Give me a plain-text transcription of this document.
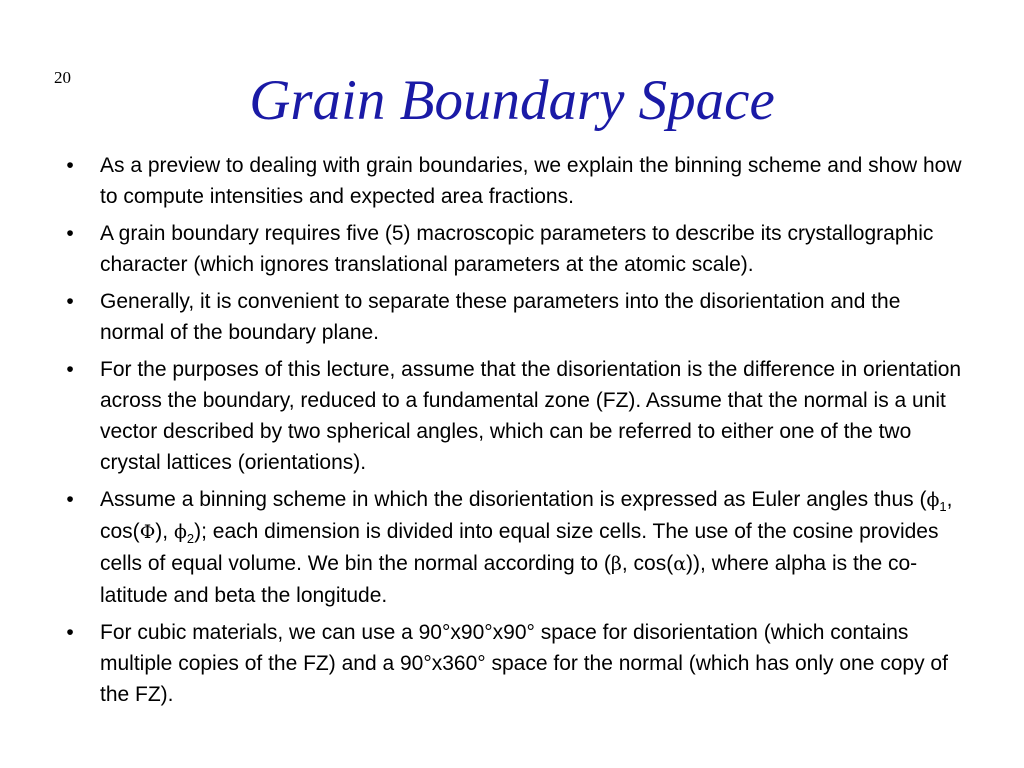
20	Grain Boundary Space
•	As a preview to dealing with grain boundaries, we explain the binning scheme and show how to compute intensities and expected area fractions.
•	A grain boundary requires five (5) macroscopic parameters to describe its crystallographic character (which ignores translational parameters at the atomic scale).
•	Generally, it is convenient to separate these parameters into the disorientation and the normal of the boundary plane.
•	For the purposes of this lecture, assume that the disorientation is the difference in orientation across the boundary, reduced to a fundamental zone (FZ). Assume that the normal is a unit vector described by two spherical angles, which can be referred to either one of the two crystal lattices (orientations).
•	Assume a binning scheme in which the disorientation is expressed as Euler angles thus ($\phi_1$, cos(Φ), $\phi_2$); each dimension is divided into equal size cells. The use of the cosine provides cells of equal volume. We bin the normal according to (β, cos(α)), where alpha is the co-latitude and beta the longitude.
•	For cubic materials, we can use a 90°x90°x90° space for disorientation (which contains multiple copies of the FZ) and a 90°x360° space for the normal (which has only one copy of the FZ).
